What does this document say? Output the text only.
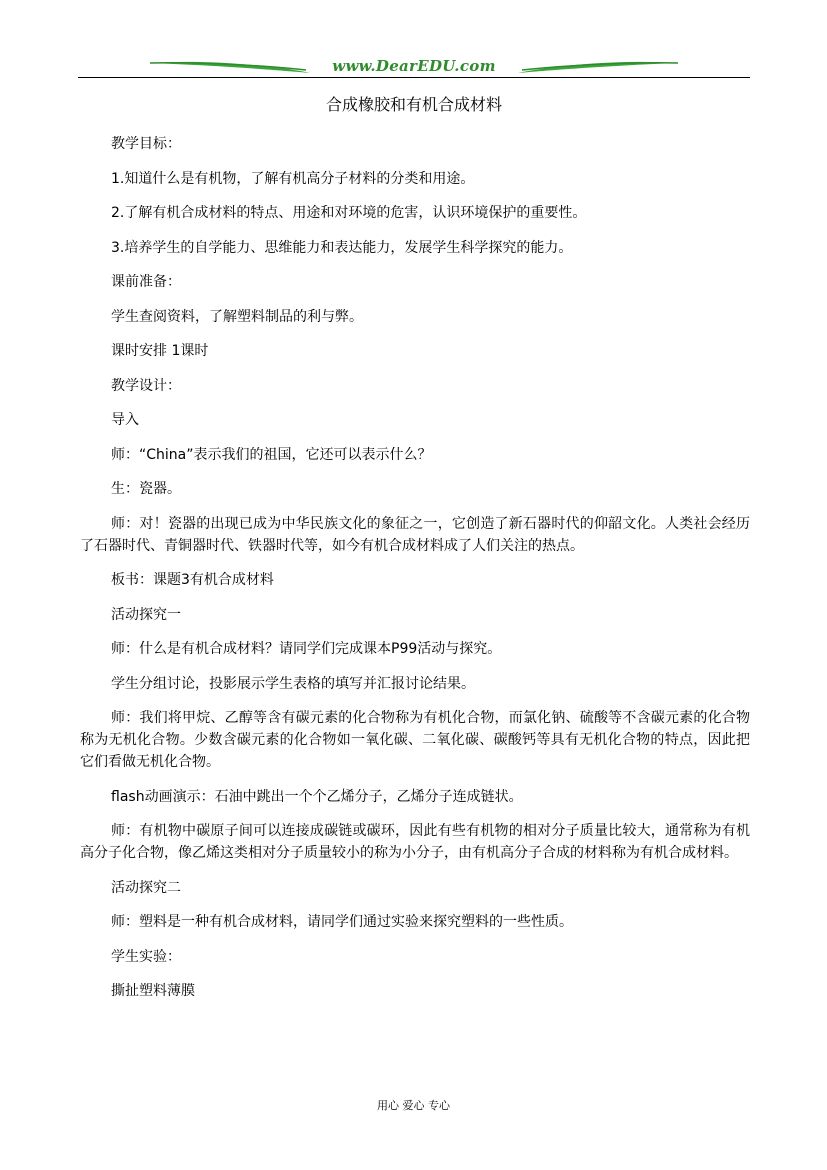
www.DearEDU.com
合成橡胶和有机合成材料

教学目标：

1.知道什么是有机物，了解有机高分子材料的分类和用途。

2.了解有机合成材料的特点、用途和对环境的危害，认识环境保护的重要性。

3.培养学生的自学能力、思维能力和表达能力，发展学生科学探究的能力。

课前准备：

学生查阅资料，了解塑料制品的利与弊。

课时安排 1课时

教学设计：

导入

师：“China”表示我们的祖国，它还可以表示什么？

生：瓷器。

师：对！瓷器的出现已成为中华民族文化的象征之一，它创造了新石器时代的仰韶文化。人类社会经历了石器时代、青铜器时代、铁器时代等，如今有机合成材料成了人们关注的热点。

板书：课题3有机合成材料

活动探究一

师：什么是有机合成材料？请同学们完成课本P99活动与探究。

学生分组讨论，投影展示学生表格的填写并汇报讨论结果。

师：我们将甲烷、乙醇等含有碳元素的化合物称为有机化合物，而氯化钠、硫酸等不含碳元素的化合物称为无机化合物。少数含碳元素的化合物如一氧化碳、二氧化碳、碳酸钙等具有无机化合物的特点，因此把它们看做无机化合物。

flash动画演示：石油中跳出一个个乙烯分子，乙烯分子连成链状。

师：有机物中碳原子间可以连接成碳链或碳环，因此有些有机物的相对分子质量比较大，通常称为有机高分子化合物，像乙烯这类相对分子质量较小的称为小分子，由有机高分子合成的材料称为有机合成材料。

活动探究二

师：塑料是一种有机合成材料，请同学们通过实验来探究塑料的一些性质。

学生实验：

撕扯塑料薄膜

用心 爱心 专心
